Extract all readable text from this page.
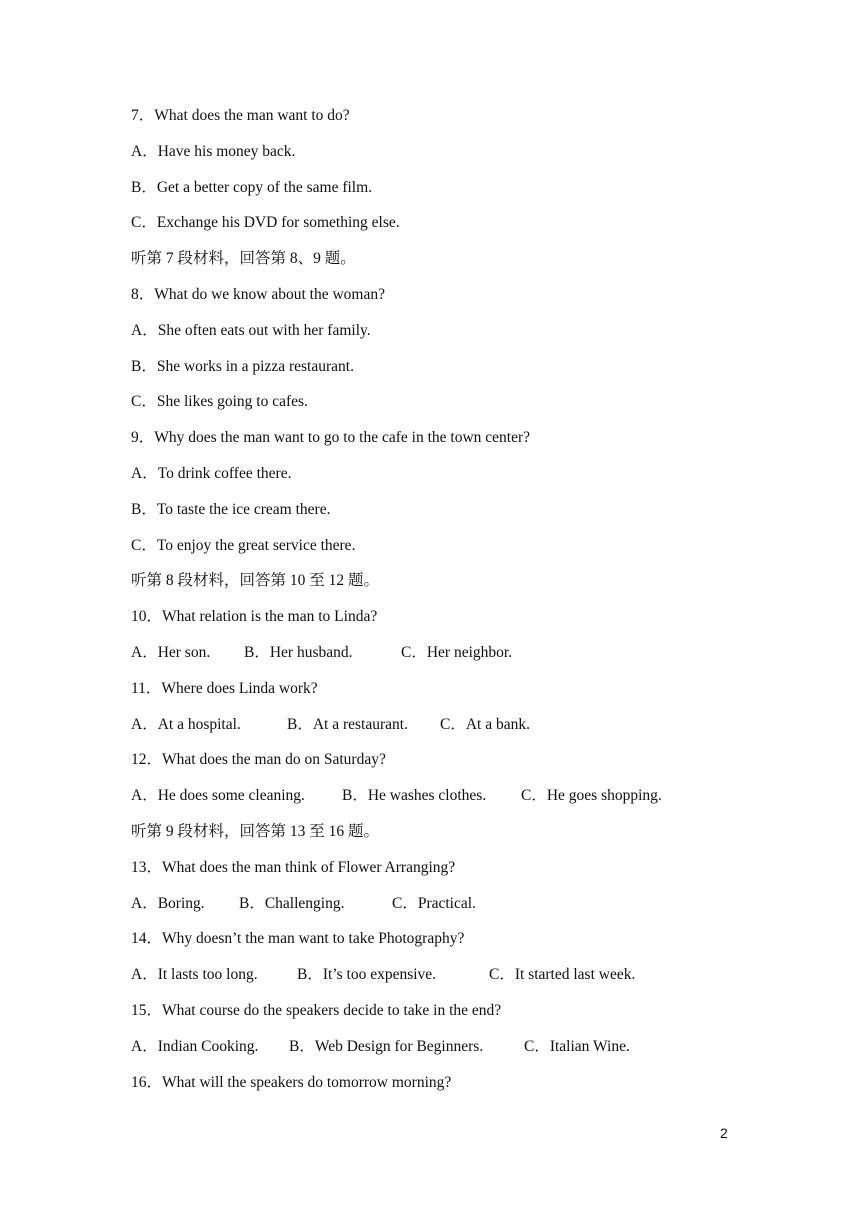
7．What does the man want to do?
A．Have his money back.
B．Get a better copy of the same film.
C．Exchange his DVD for something else.
听第 7 段材料，回答第 8、9 题。
8．What do we know about the woman?
A．She often eats out with her family.
B．She works in a pizza restaurant.
C．She likes going to cafes.
9．Why does the man want to go to the cafe in the town center?
A．To drink coffee there.
B．To taste the ice cream there.
C．To enjoy the great service there.
听第 8 段材料，回答第 10 至 12 题。
10．What relation is the man to Linda?
A．Her son.	B．Her husband.	C．Her neighbor.
11．Where does Linda work?
A．At a hospital.	B．At a restaurant.	C．At a bank.
12．What does the man do on Saturday?
A．He does some cleaning.	B．He washes clothes.	C．He goes shopping.
听第 9 段材料，回答第 13 至 16 题。
13．What does the man think of Flower Arranging?
A．Boring.	B．Challenging.	C．Practical.
14．Why doesn’t the man want to take Photography?
A．It lasts too long.	B．It’s too expensive.	C．It started last week.
15．What course do the speakers decide to take in the end?
A．Indian Cooking.	B．Web Design for Beginners.	C．Italian Wine.
16．What will the speakers do tomorrow morning?
2
